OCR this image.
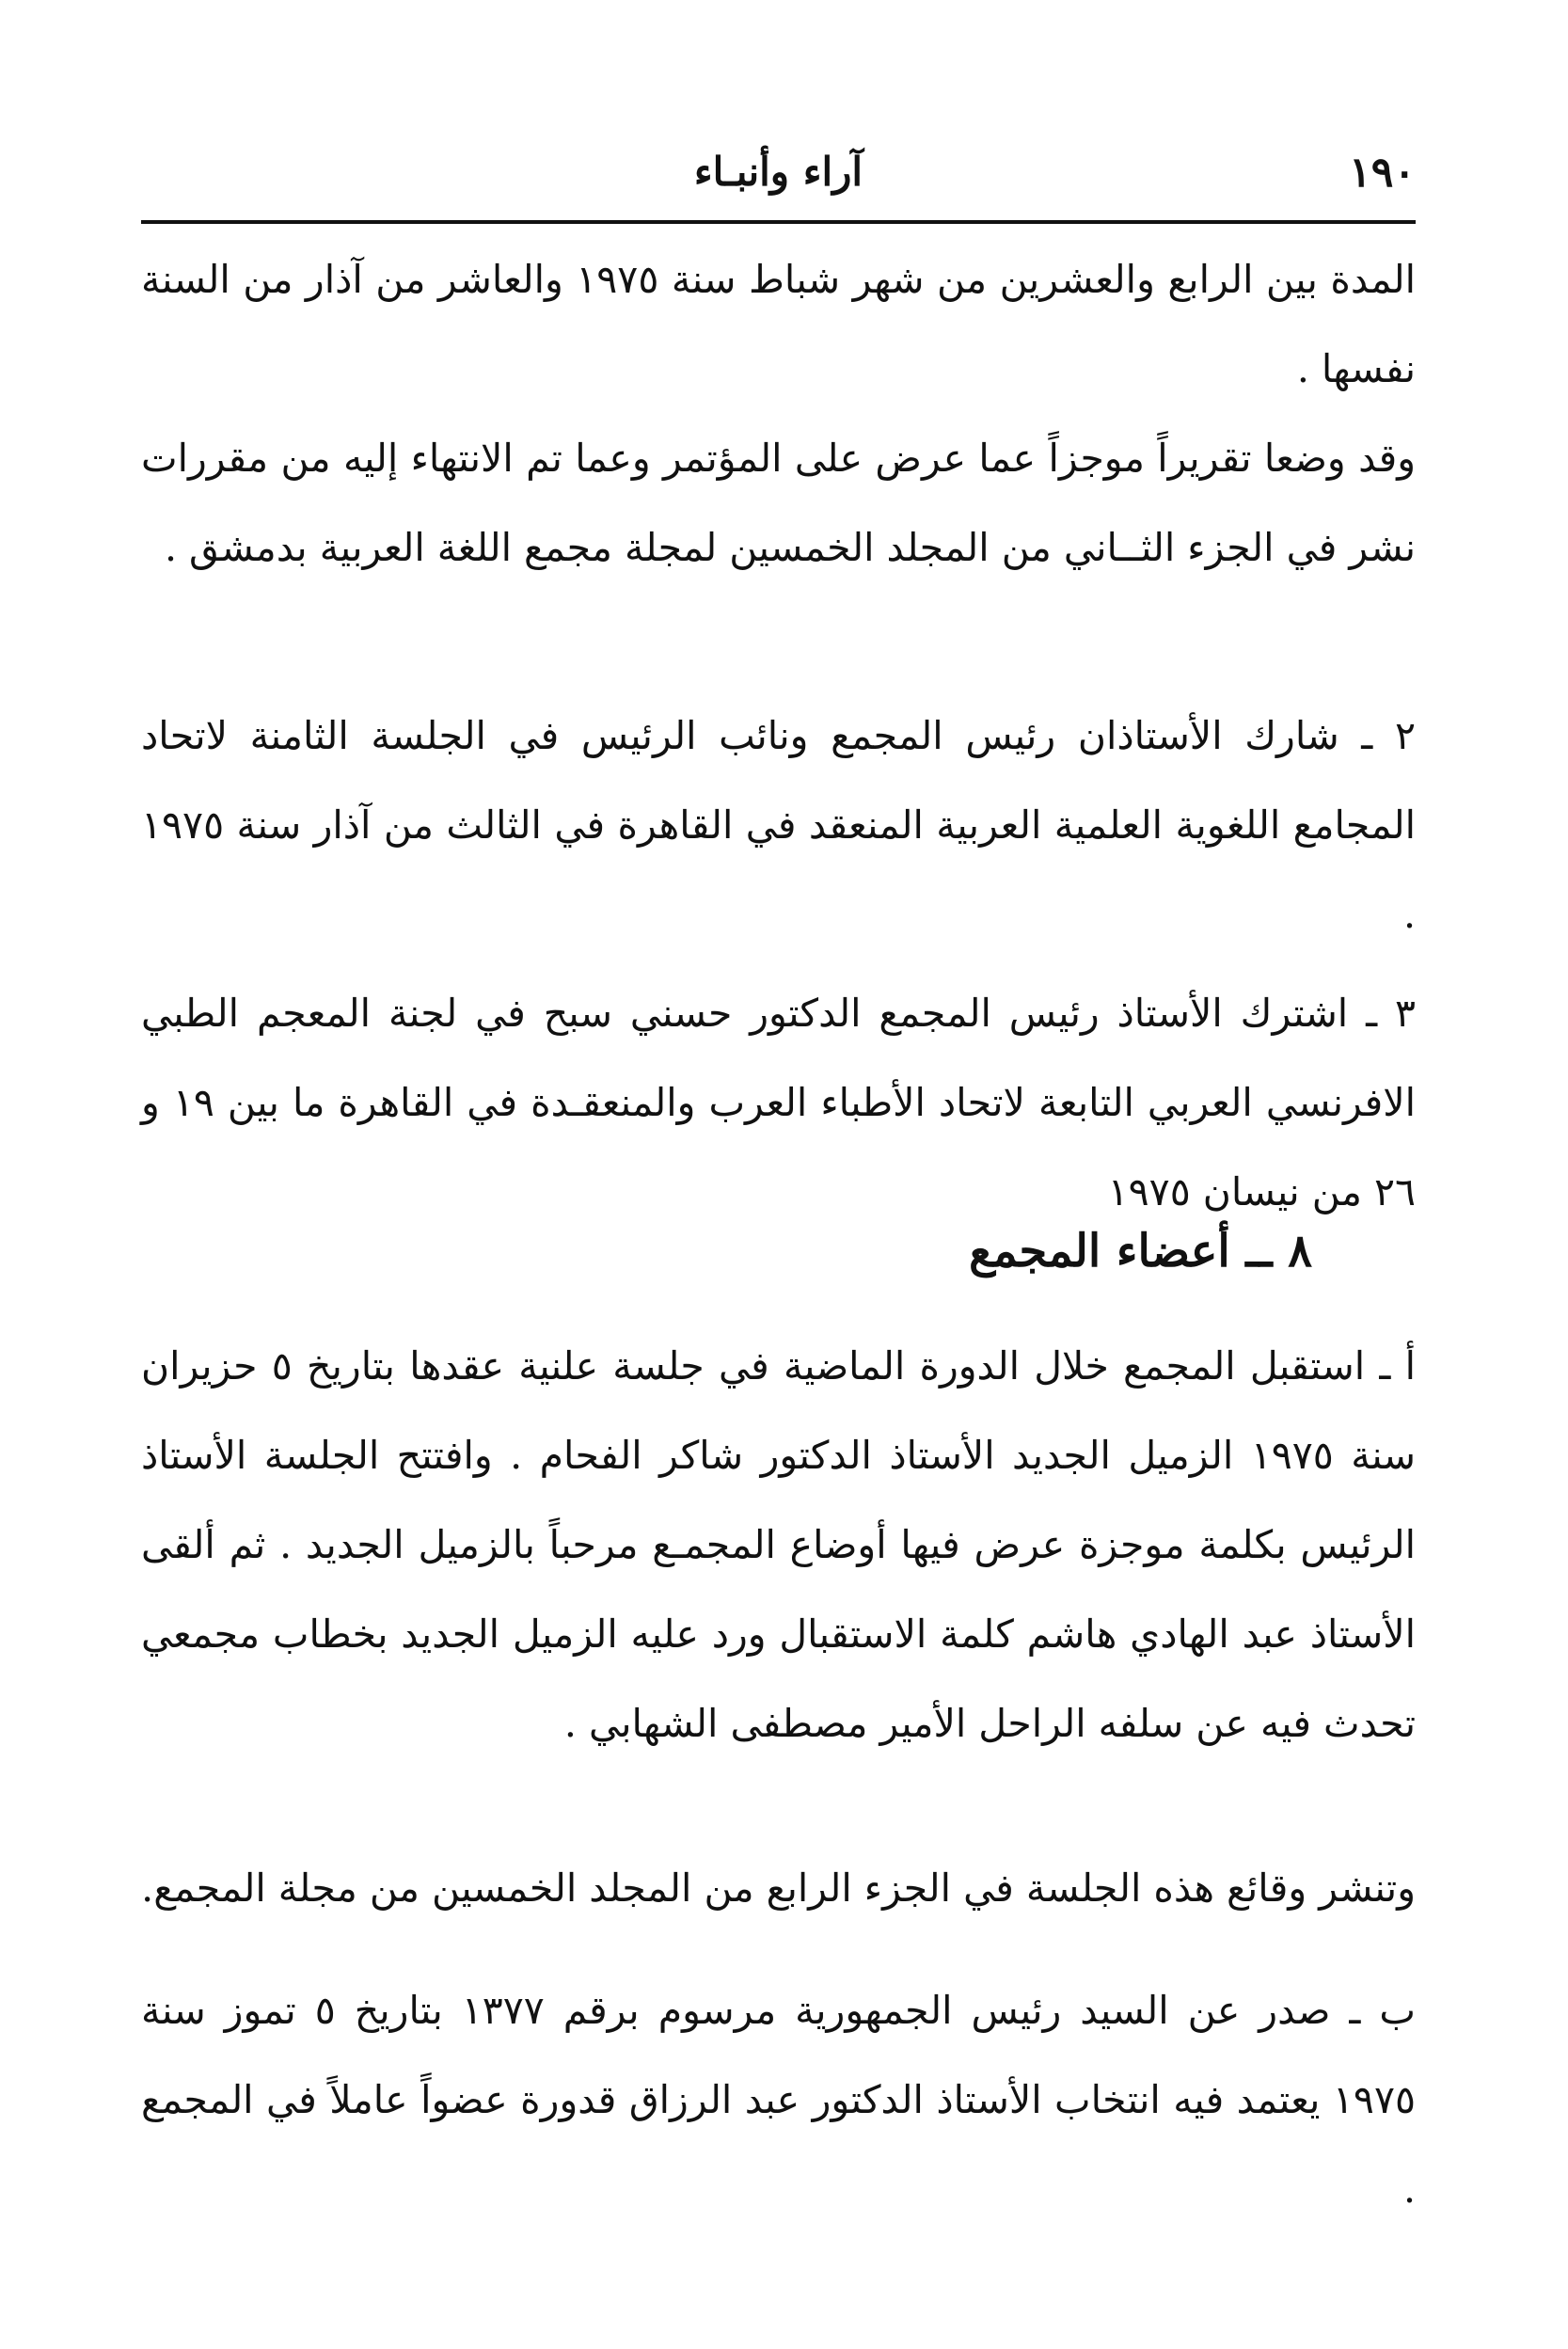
١٩٠
آراء وأنبـاء

المدة بين الرابع والعشرين من شهر شباط سنة ١٩٧٥ والعاشر من آذار من السنة نفسها .

وقد وضعا تقريراً موجزاً عما عرض على المؤتمر وعما تم الانتهاء إليه من مقررات نشر في الجزء الثــاني من المجلد الخمسين لمجلة مجمع اللغة العربية بدمشق .

٢ ـ شارك الأستاذان رئيس المجمع ونائب الرئيس في الجلسة الثامنة لاتحاد المجامع اللغوية العلمية العربية المنعقد في القاهرة في الثالث من آذار سنة ١٩٧٥ .

٣ ـ اشترك الأستاذ رئيس المجمع الدكتور حسني سبح في لجنة المعجم الطبي الافرنسي العربي التابعة لاتحاد الأطباء العرب والمنعقـدة في القاهرة ما بين ١٩ و ٢٦ من نيسان ١٩٧٥

٨ ــ أعضاء المجمع

أ ـ استقبل المجمع خلال الدورة الماضية في جلسة علنية عقدها بتاريخ ٥ حزيران سنة ١٩٧٥ الزميل الجديد الأستاذ الدكتور شاكر الفحام . وافتتح الجلسة الأستاذ الرئيس بكلمة موجزة عرض فيها أوضاع المجمـع مرحباً بالزميل الجديد . ثم ألقى الأستاذ عبد الهادي هاشم كلمة الاستقبال ورد عليه الزميل الجديد بخطاب مجمعي تحدث فيه عن سلفه الراحل الأمير مصطفى الشهابي .

وتنشر وقائع هذه الجلسة في الجزء الرابع من المجلد الخمسين من مجلة المجمع.

ب ـ صدر عن السيد رئيس الجمهورية مرسوم برقم ١٣٧٧ بتاريخ ٥ تموز سنة ١٩٧٥ يعتمد فيه انتخاب الأستاذ الدكتور عبد الرزاق قدورة عضواً عاملاً في المجمع .
